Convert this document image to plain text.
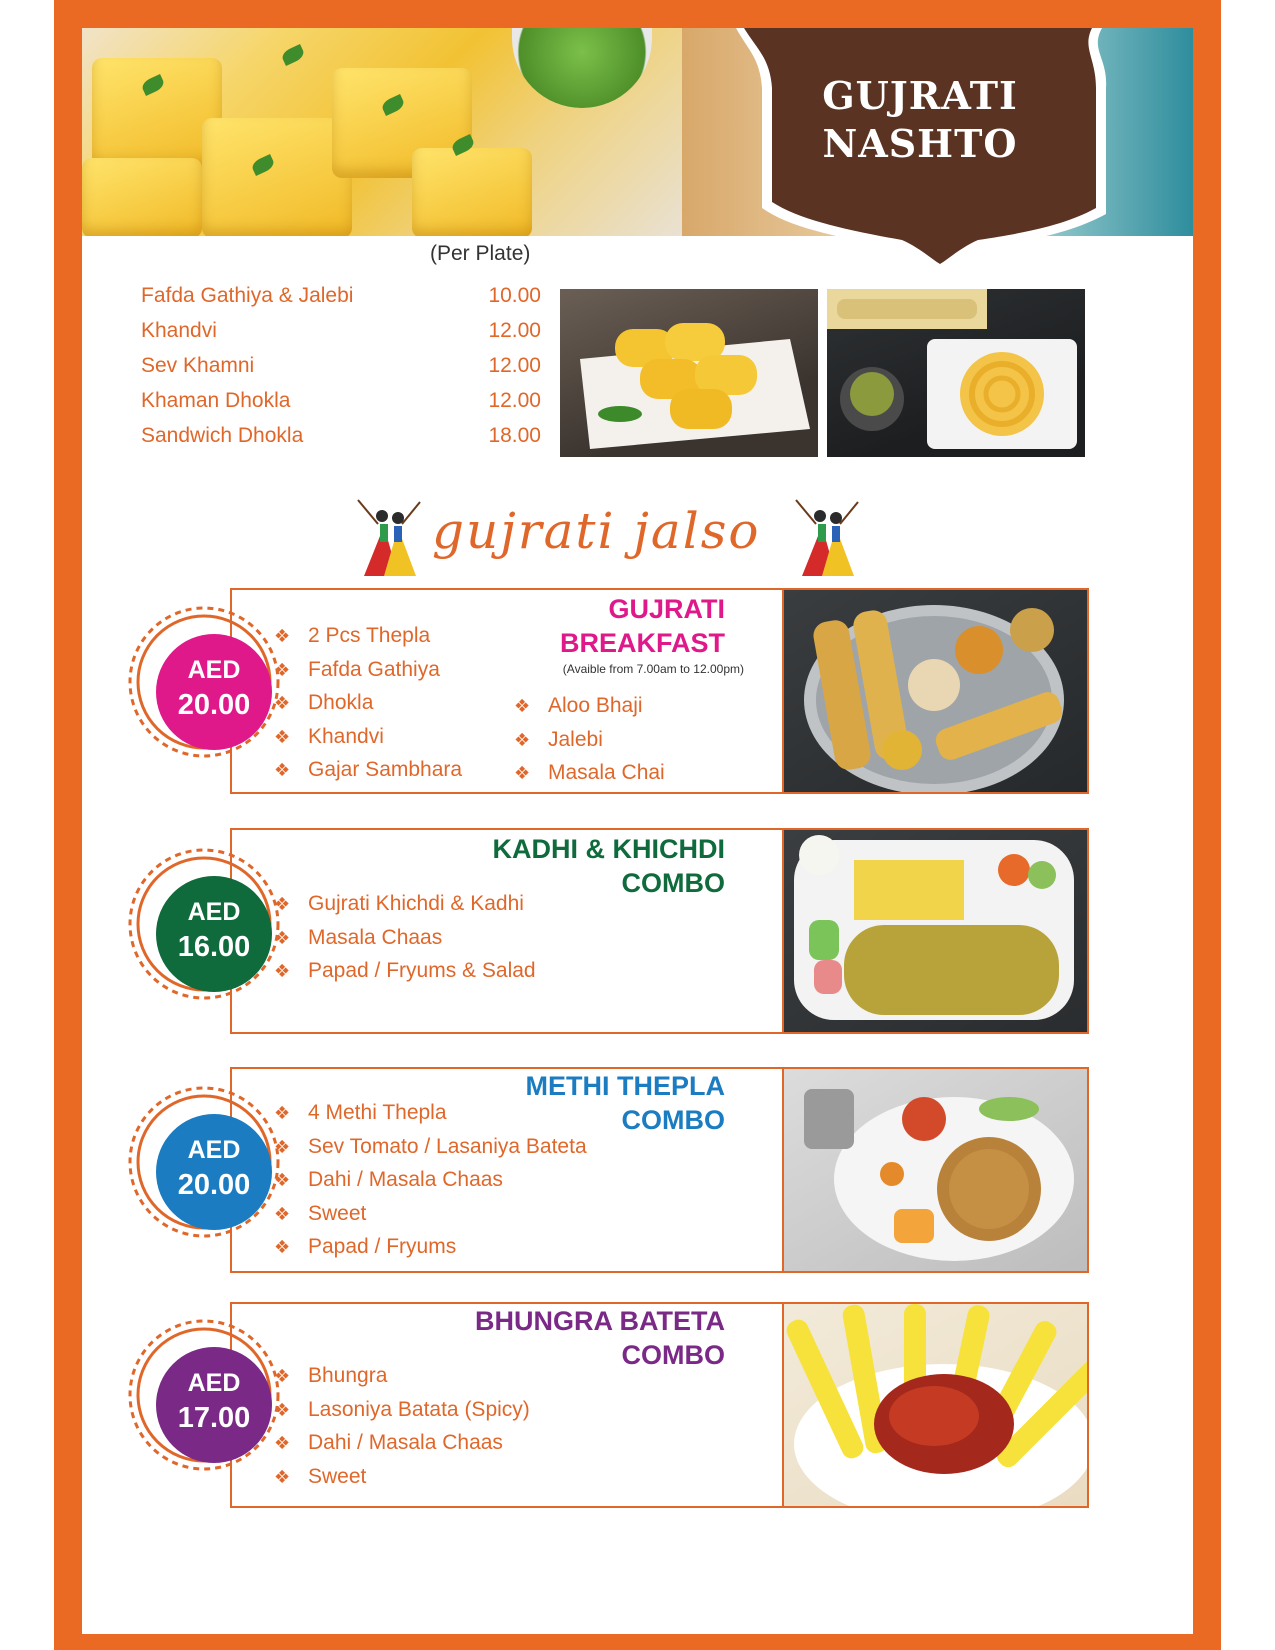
GUJRATI
NASHTO
(Per Plate)
Fafda Gathiya & Jalebi	10.00
Khandvi	12.00
Sev Khamni	12.00
Khaman Dhokla	12.00
Sandwich Dhokla	18.00
gujrati jalso
GUJRATI
BREAKFAST
(Avaible from 7.00am to 12.00pm)
❖ 2 Pcs Thepla
❖ Fafda Gathiya
❖ Dhokla
❖ Khandvi
❖ Gajar Sambhara
❖ Aloo Bhaji
❖ Jalebi
❖ Masala Chai
AED
20.00
KADHI & KHICHDI
COMBO
❖ Gujrati Khichdi & Kadhi
❖ Masala Chaas
❖ Papad / Fryums & Salad
AED
16.00
METHI THEPLA
COMBO
❖ 4 Methi Thepla
❖ Sev Tomato / Lasaniya Bateta
❖ Dahi / Masala Chaas
❖ Sweet
❖ Papad / Fryums
AED
20.00
BHUNGRA BATETA
COMBO
❖ Bhungra
❖ Lasoniya Batata (Spicy)
❖ Dahi / Masala Chaas
❖ Sweet
AED
17.00
